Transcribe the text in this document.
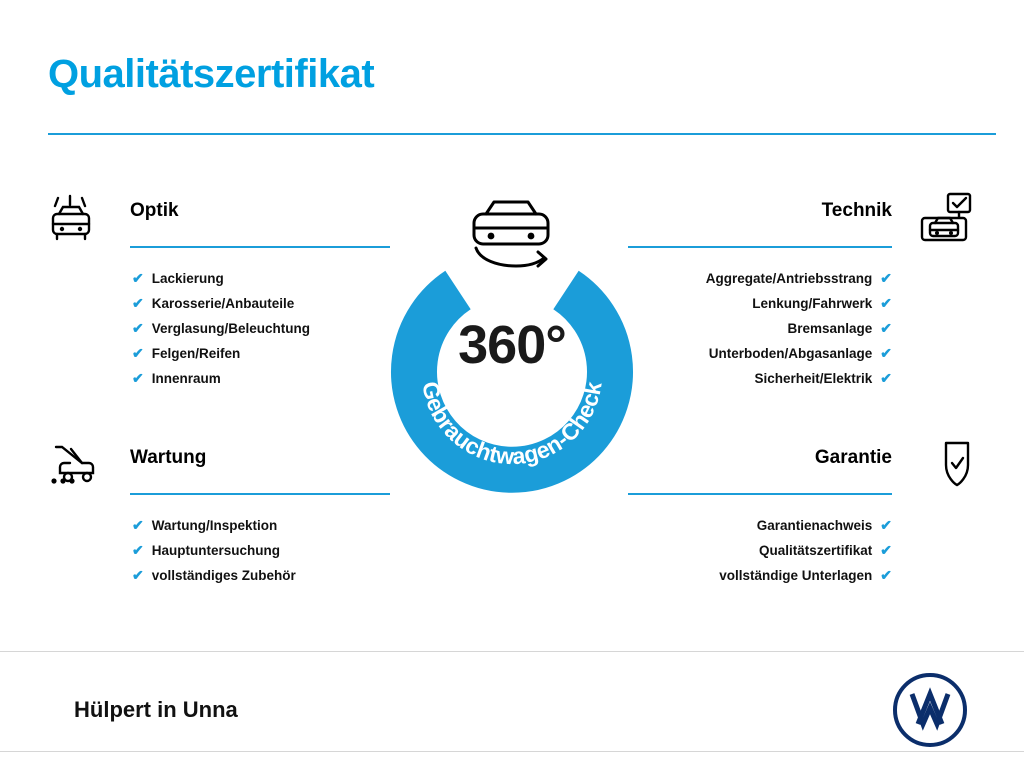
Qualitätszertifikat
Optik
✔ Lackierung
✔ Karosserie/Anbauteile
✔ Verglasung/Beleuchtung
✔ Felgen/Reifen
✔ Innenraum
Wartung
✔ Wartung/Inspektion
✔ Hauptuntersuchung
✔ vollständiges Zubehör
Gebrauchtwagen-Check
360°
Technik
Aggregate/Antriebsstrang ✔
Lenkung/Fahrwerk ✔
Bremsanlage ✔
Unterboden/Abgasanlage ✔
Sicherheit/Elektrik ✔
Garantie
Garantienachweis ✔
Qualitätszertifikat ✔
vollständige Unterlagen ✔
Hülpert in Unna
